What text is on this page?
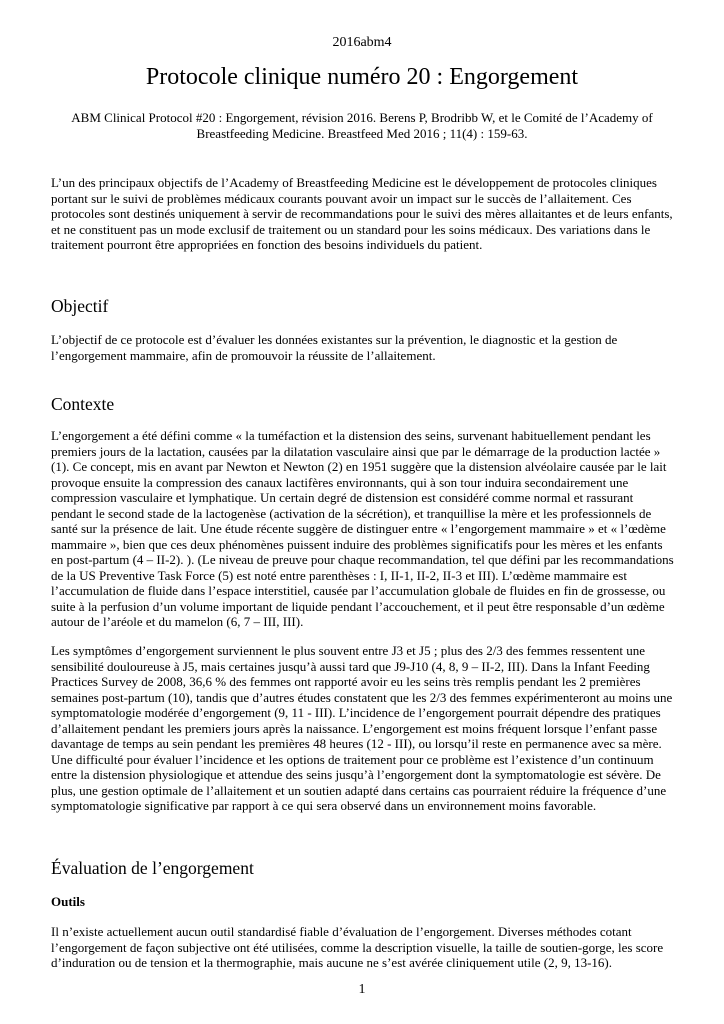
2016abm4
Protocole clinique numéro 20 : Engorgement
ABM Clinical Protocol #20 : Engorgement, révision 2016. Berens P, Brodribb W, et le Comité de l’Academy of Breastfeeding Medicine. Breastfeed Med 2016 ; 11(4) : 159-63.

L’un des principaux objectifs de l’Academy of Breastfeeding Medicine est le développement de protocoles cliniques portant sur le suivi de problèmes médicaux courants pouvant avoir un impact sur le succès de l’allaitement. Ces protocoles sont destinés uniquement à servir de recommandations pour le suivi des mères allaitantes et de leurs enfants, et ne constituent pas un mode exclusif de traitement ou un standard pour les soins médicaux. Des variations dans le traitement pourront être appropriées en fonction des besoins individuels du patient.

Objectif

L’objectif de ce protocole est d’évaluer les données existantes sur la prévention, le diagnostic et la gestion de l’engorgement mammaire, afin de promouvoir la réussite de l’allaitement.

Contexte

L’engorgement a été défini comme « la tuméfaction et la distension des seins, survenant habituellement pendant les premiers jours de la lactation, causées par la dilatation vasculaire ainsi que par le démarrage de la production lactée » (1). Ce concept, mis en avant par Newton et Newton (2) en 1951 suggère que la distension alvéolaire causée par le lait provoque ensuite la compression des canaux lactifères environnants, qui à son tour induira secondairement une compression vasculaire et lymphatique. Un certain degré de distension est considéré comme normal et rassurant pendant le second stade de la lactogenèse (activation de la sécrétion), et tranquillise la mère et les professionnels de santé sur la présence de lait. Une étude récente suggère de distinguer entre « l’engorgement mammaire » et « l’œdème mammaire », bien que ces deux phénomènes puissent induire des problèmes significatifs pour les mères et les enfants en post-partum (4 – II-2). ). (Le niveau de preuve pour chaque recommandation, tel que défini par les recommandations de la US Preventive Task Force (5) est noté entre parenthèses : I, II-1, II-2, II-3 et III). L’œdème mammaire est l’accumulation de fluide dans l’espace interstitiel, causée par l’accumulation globale de fluides en fin de grossesse, ou suite à la perfusion d’un volume important de liquide pendant l’accouchement, et il peut être responsable d’un œdème autour de l’aréole et du mamelon (6, 7 – III, III).

Les symptômes d’engorgement surviennent le plus souvent entre J3 et J5 ; plus des 2/3 des femmes ressentent une sensibilité douloureuse à J5, mais certaines jusqu’à aussi tard que J9-J10 (4, 8, 9 – II-2, III). Dans la Infant Feeding Practices Survey de 2008, 36,6 % des femmes ont rapporté avoir eu les seins très remplis pendant les 2 premières semaines post-partum (10), tandis que d’autres études constatent que les 2/3 des femmes expérimenteront au moins une symptomatologie modérée d’engorgement (9, 11 - III). L’incidence de l’engorgement pourrait dépendre des pratiques d’allaitement pendant les premiers jours après la naissance. L’engorgement est moins fréquent lorsque l’enfant passe davantage de temps au sein pendant les premières 48 heures (12 - III), ou lorsqu’il reste en permanence avec sa mère. Une difficulté pour évaluer l’incidence et les options de traitement pour ce problème est l’existence d’un continuum entre la distension physiologique et attendue des seins jusqu’à l’engorgement dont la symptomatologie est sévère. De plus, une gestion optimale de l’allaitement et un soutien adapté dans certains cas pourraient réduire la fréquence d’une symptomatologie significative par rapport à ce qui sera observé dans un environnement moins favorable.

Évaluation de l’engorgement
Outils

Il n’existe actuellement aucun outil standardisé fiable d’évaluation de l’engorgement. Diverses méthodes cotant l’engorgement de façon subjective ont été utilisées, comme la description visuelle, la taille de soutien-gorge, les score d’induration ou de tension et la thermographie, mais aucune ne s’est avérée cliniquement utile (2, 9, 13-16).

1
